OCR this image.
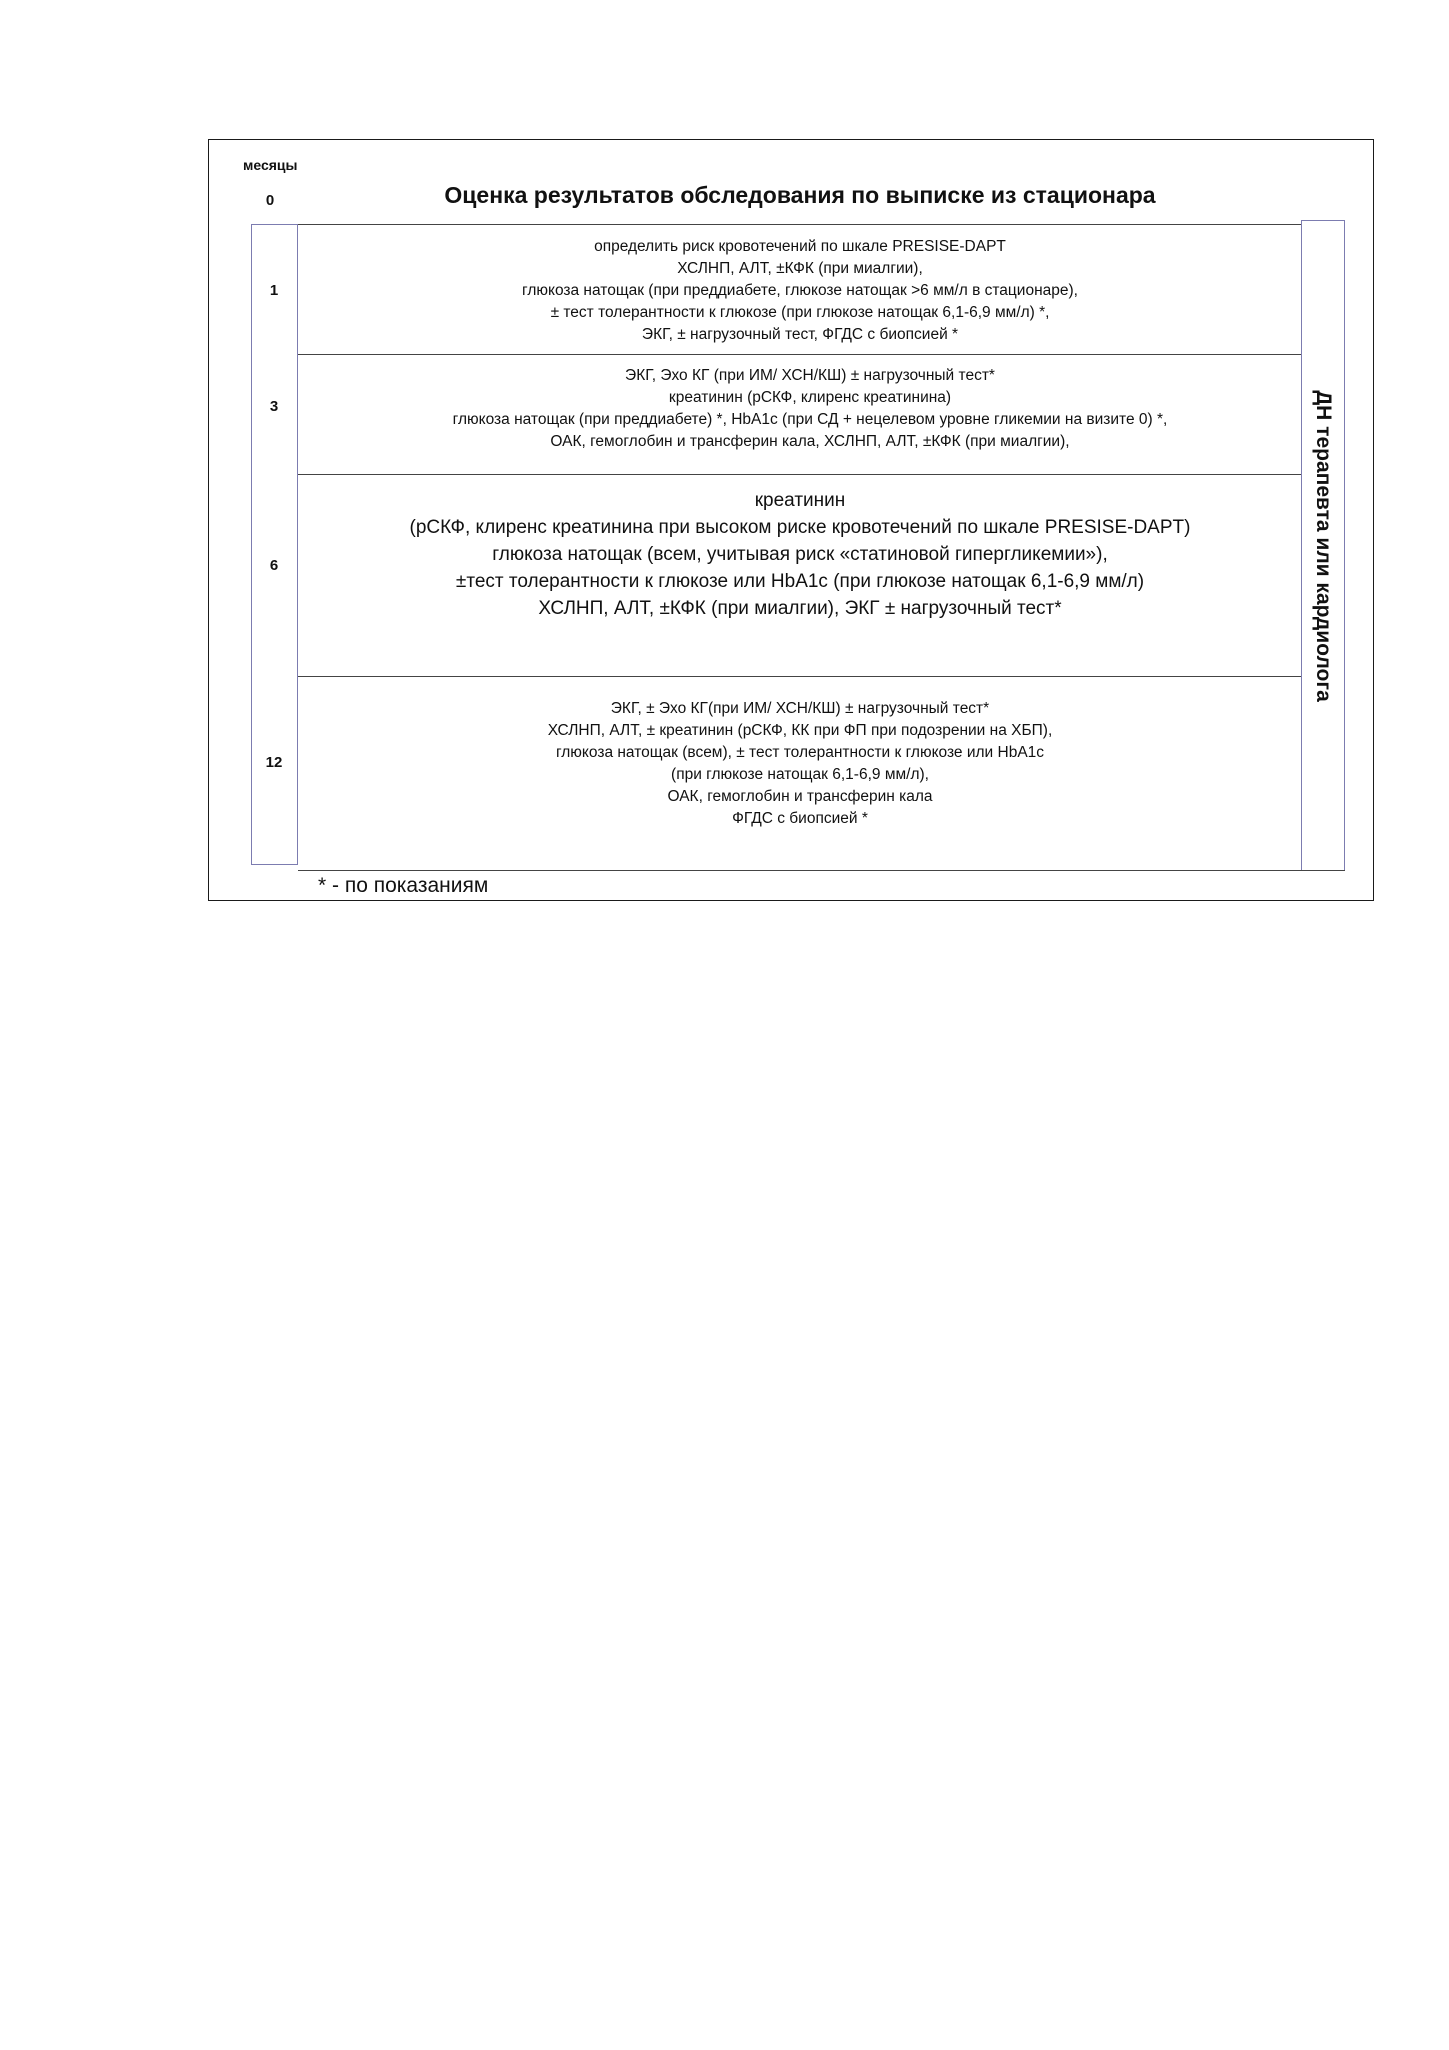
месяцы
0	Оценка результатов обследования по выписке из стационара
ДН терапевта или кардиолога
1
определить риск кровотечений по шкале PRESISE-DAPT
ХСЛНП, АЛТ, ±КФК (при миалгии),
глюкоза натощак (при преддиабете, глюкозе натощак >6 мм/л в стационаре),
± тест толерантности к глюкозе (при глюкозе натощак 6,1-6,9 мм/л) *,
ЭКГ, ± нагрузочный тест, ФГДС с биопсией *
3
ЭКГ, Эхо КГ (при ИМ/ ХСН/КШ) ± нагрузочный тест*
креатинин (рСКФ, клиренс креатинина)
глюкоза натощак (при преддиабете) *, HbA1c (при СД + нецелевом уровне гликемии на визите 0) *,
ОАК, гемоглобин и трансферин кала, ХСЛНП, АЛТ, ±КФК (при миалгии),
6
креатинин
(рСКФ, клиренс креатинина при высоком риске кровотечений по шкале PRESISE-DAPT)
глюкоза натощак (всем, учитывая риск «статиновой гипергликемии»),
±тест толерантности к глюкозе или HbA1c (при глюкозе натощак 6,1-6,9 мм/л)
ХСЛНП, АЛТ, ±КФК (при миалгии), ЭКГ ± нагрузочный тест*
12
ЭКГ, ± Эхо КГ(при ИМ/ ХСН/КШ) ± нагрузочный тест*
ХСЛНП, АЛТ, ± креатинин (рСКФ, КК при ФП при подозрении на ХБП),
глюкоза натощак (всем), ± тест толерантности к глюкозе или HbA1c
(при глюкозе натощак 6,1-6,9 мм/л),
ОАК, гемоглобин и трансферин кала
ФГДС с биопсией *
* - по показаниям
